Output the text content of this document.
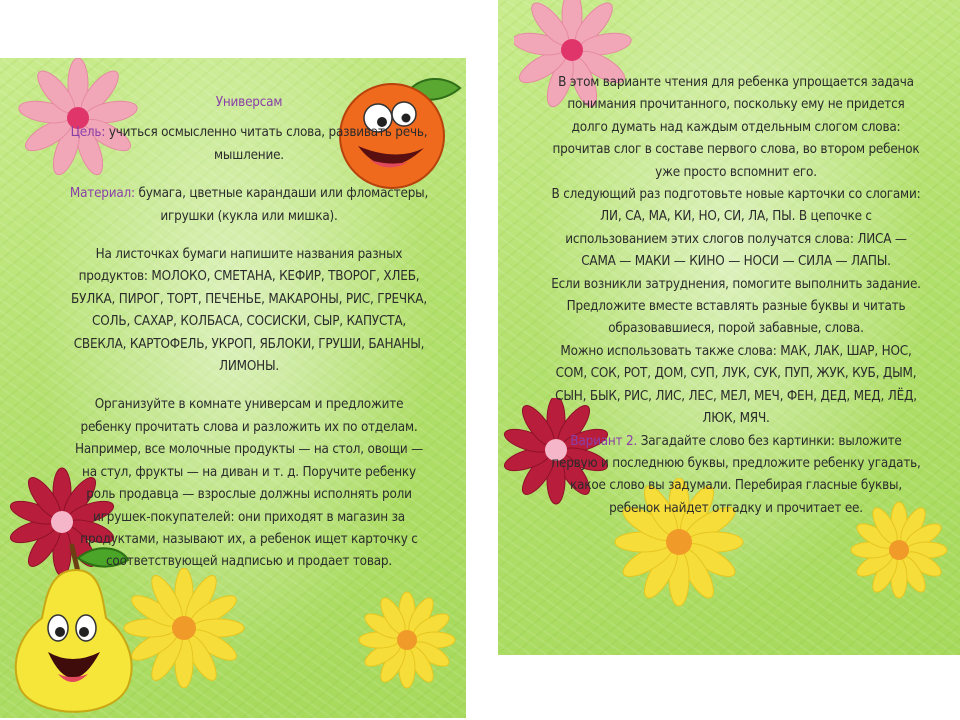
Универсам

Цель: учиться осмысленно читать слова, развивать речь, мышление.

Материал: бумага, цветные карандаши или фломастеры, игрушки (кукла или мишка).

На листочках бумаги напишите названия разных продуктов: МОЛОКО, СМЕТАНА, КЕФИР, ТВОРОГ, ХЛЕБ, БУЛКА, ПИРОГ, ТОРТ, ПЕЧЕНЬЕ, МАКАРОНЫ, РИС, ГРЕЧКА, СОЛЬ, САХАР, КОЛБАСА, СОСИСКИ, СЫР, КАПУСТА, СВЕКЛА, КАРТОФЕЛЬ, УКРОП, ЯБЛОКИ, ГРУШИ, БАНАНЫ, ЛИМОНЫ.

Организуйте в комнате универсам и предложите ребенку прочитать слова и разложить их по отделам. Например, все молочные продукты — на стол, овощи — на стул, фрукты — на диван и т. д. Поручите ребенку роль продавца — взрослые должны исполнять роли игрушек-покупателей: они приходят в магазин за продуктами, называют их, а ребенок ищет карточку с соответствующей надписью и продает товар.

В этом варианте чтения для ребенка упрощается задача понимания прочитанного, поскольку ему не придется долго думать над каждым отдельным слогом слова: прочитав слог в составе первого слова, во втором ребенок уже просто вспомнит его.

В следующий раз подготовьте новые карточки со слогами: ЛИ, СА, МА, КИ, НО, СИ, ЛА, ПЫ. В цепочке с использованием этих слогов получатся слова: ЛИСА — САМА — МАКИ — КИНО — НОСИ — СИЛА — ЛАПЫ.

Если возникли затруднения, помогите выполнить задание. Предложите вместе вставлять разные буквы и читать образовавшиеся, порой забавные, слова.

Можно использовать также слова: МАК, ЛАК, ШАР, НОС, СОМ, СОК, РОТ, ДОМ, СУП, ЛУК, СУК, ПУП, ЖУК, КУБ, ДЫМ, СЫН, БЫК, РИС, ЛИС, ЛЕС, МЕЛ, МЕЧ, ФЕН, ДЕД, МЕД, ЛЁД, ЛЮК, МЯЧ.

Вариант 2. Загадайте слово без картинки: выложите первую и последнюю буквы, предложите ребенку угадать, какое слово вы задумали. Перебирая гласные буквы, ребенок найдет отгадку и прочитает ее.
